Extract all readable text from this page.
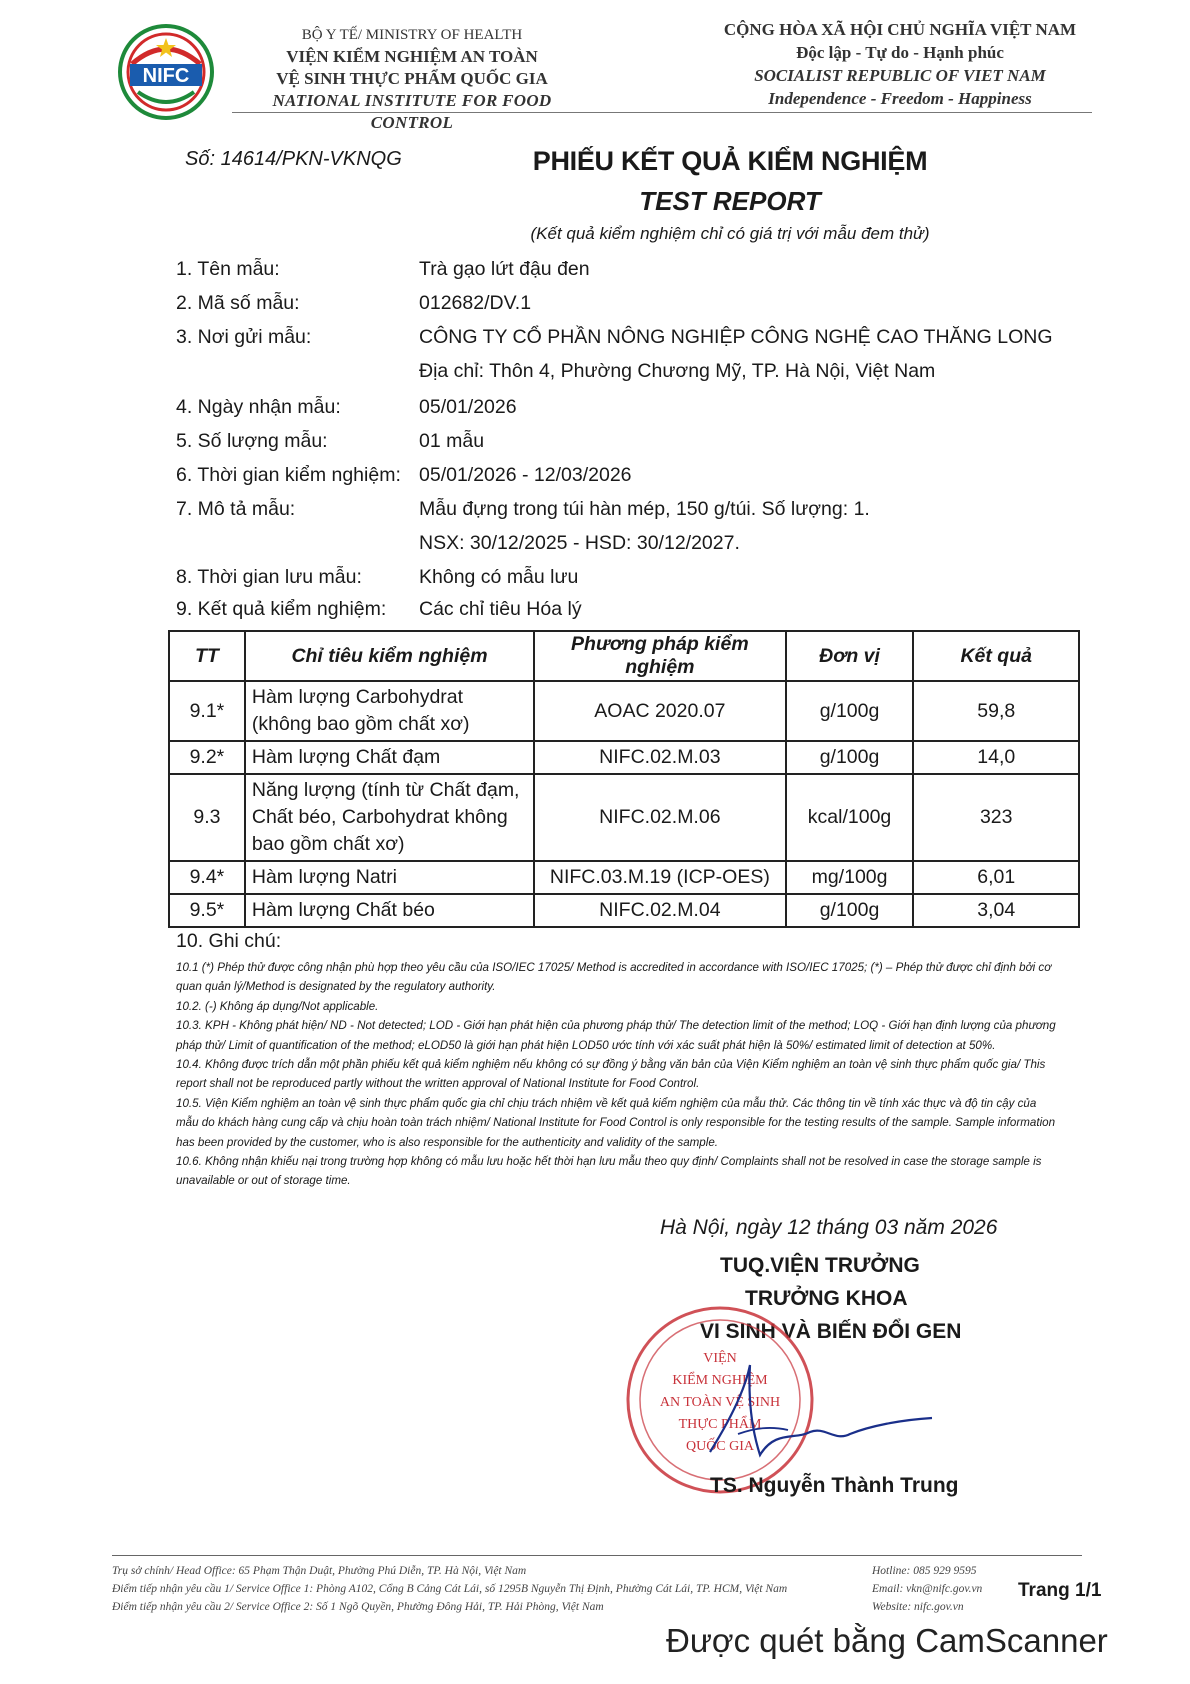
NIFC
BỘ Y TẾ/ MINISTRY OF HEALTH
VIỆN KIỂM NGHIỆM AN TOÀN
VỆ SINH THỰC PHẨM QUỐC GIA
NATIONAL INSTITUTE FOR FOOD CONTROL
CỘNG HÒA XÃ HỘI CHỦ NGHĨA VIỆT NAM
Độc lập - Tự do - Hạnh phúc
SOCIALIST REPUBLIC OF VIET NAM
Independence - Freedom - Happiness
Số: 14614/PKN-VKNQG	PHIẾU KẾT QUẢ KIỂM NGHIỆM
TEST REPORT
(Kết quả kiểm nghiệm chỉ có giá trị với mẫu đem thử)
1. Tên mẫu:	Trà gạo lứt đậu đen
2. Mã số mẫu:	012682/DV.1
3. Nơi gửi mẫu:	CÔNG TY CỔ PHẦN NÔNG NGHIỆP CÔNG NGHỆ CAO THĂNG LONG
Địa chỉ: Thôn 4, Phường Chương Mỹ, TP. Hà Nội, Việt Nam
4. Ngày nhận mẫu:	05/01/2026
5. Số lượng mẫu:	01 mẫu
6. Thời gian kiểm nghiệm: 05/01/2026 - 12/03/2026
7. Mô tả mẫu:	Mẫu đựng trong túi hàn mép, 150 g/túi. Số lượng: 1.
NSX: 30/12/2025 - HSD: 30/12/2027.
8. Thời gian lưu mẫu:	Không có mẫu lưu
9. Kết quả kiểm nghiệm: Các chỉ tiêu Hóa lý
TT	Chỉ tiêu kiểm nghiệm	Phương pháp kiểm nghiệm	Đơn vị	Kết quả
9.1*	Hàm lượng Carbohydrat (không bao gồm chất xơ)	AOAC 2020.07	g/100g	59,8
9.2*	Hàm lượng Chất đạm	NIFC.02.M.03	g/100g	14,0
9.3	Năng lượng (tính từ Chất đạm, Chất béo, Carbohydrat không bao gồm chất xơ)	NIFC.02.M.06	kcal/100g	323
9.4*	Hàm lượng Natri	NIFC.03.M.19 (ICP-OES)	mg/100g	6,01
9.5*	Hàm lượng Chất béo	NIFC.02.M.04	g/100g	3,04
10. Ghi chú:

10.1 (*) Phép thử được công nhận phù hợp theo yêu cầu của ISO/IEC 17025/ Method is accredited in accordance with ISO/IEC 17025; (*) – Phép thử được chỉ định bởi cơ quan quản lý/Method is designated by the regulatory authority.

10.2. (-) Không áp dụng/Not applicable.

10.3. KPH - Không phát hiện/ ND - Not detected; LOD - Giới hạn phát hiện của phương pháp thử/ The detection limit of the method; LOQ - Giới hạn định lượng của phương pháp thử/ Limit of quantification of the method; eLOD50 là giới hạn phát hiện LOD50 ước tính với xác suất phát hiện là 50%/ estimated limit of detection at 50%.

10.4. Không được trích dẫn một phần phiếu kết quả kiểm nghiệm nếu không có sự đồng ý bằng văn bản của Viện Kiểm nghiệm an toàn vệ sinh thực phẩm quốc gia/ This report shall not be reproduced partly without the written approval of National Institute for Food Control.

10.5. Viện Kiểm nghiệm an toàn vệ sinh thực phẩm quốc gia chỉ chịu trách nhiệm về kết quả kiểm nghiệm của mẫu thử. Các thông tin về tính xác thực và độ tin cậy của mẫu do khách hàng cung cấp và chịu hoàn toàn trách nhiệm/ National Institute for Food Control is only responsible for the testing results of the sample. Sample information has been provided by the customer, who is also responsible for the authenticity and validity of the sample.

10.6. Không nhận khiếu nại trong trường hợp không có mẫu lưu hoặc hết thời hạn lưu mẫu theo quy định/ Complaints shall not be resolved in case the storage sample is unavailable or out of storage time.

Hà Nội, ngày 12 tháng 03 năm 2026
TUQ.VIỆN TRƯỞNG
TRƯỞNG KHOA
VI SINH VÀ BIẾN ĐỔI GEN
VIỆN
KIỂM NGHIỆM
AN TOÀN VỆ SINH
THỰC PHẨM
QUỐC GIA
TS. Nguyễn Thành Trung
Trụ sở chính/ Head Office: 65 Phạm Thận Duật, Phường Phú Diễn, TP. Hà Nội, Việt Nam
Điểm tiếp nhận yêu cầu 1/ Service Office 1: Phòng A102, Cổng B Cảng Cát Lái, số 1295B Nguyễn Thị Định, Phường Cát Lái, TP. HCM, Việt Nam
Điểm tiếp nhận yêu cầu 2/ Service Office 2: Số 1 Ngõ Quyền, Phường Đông Hải, TP. Hải Phòng, Việt Nam
Hotline: 085 929 9595
Email: vkn@nifc.gov.vn
Website: nifc.gov.vn
Trang 1/1
Được quét bằng CamScanner
